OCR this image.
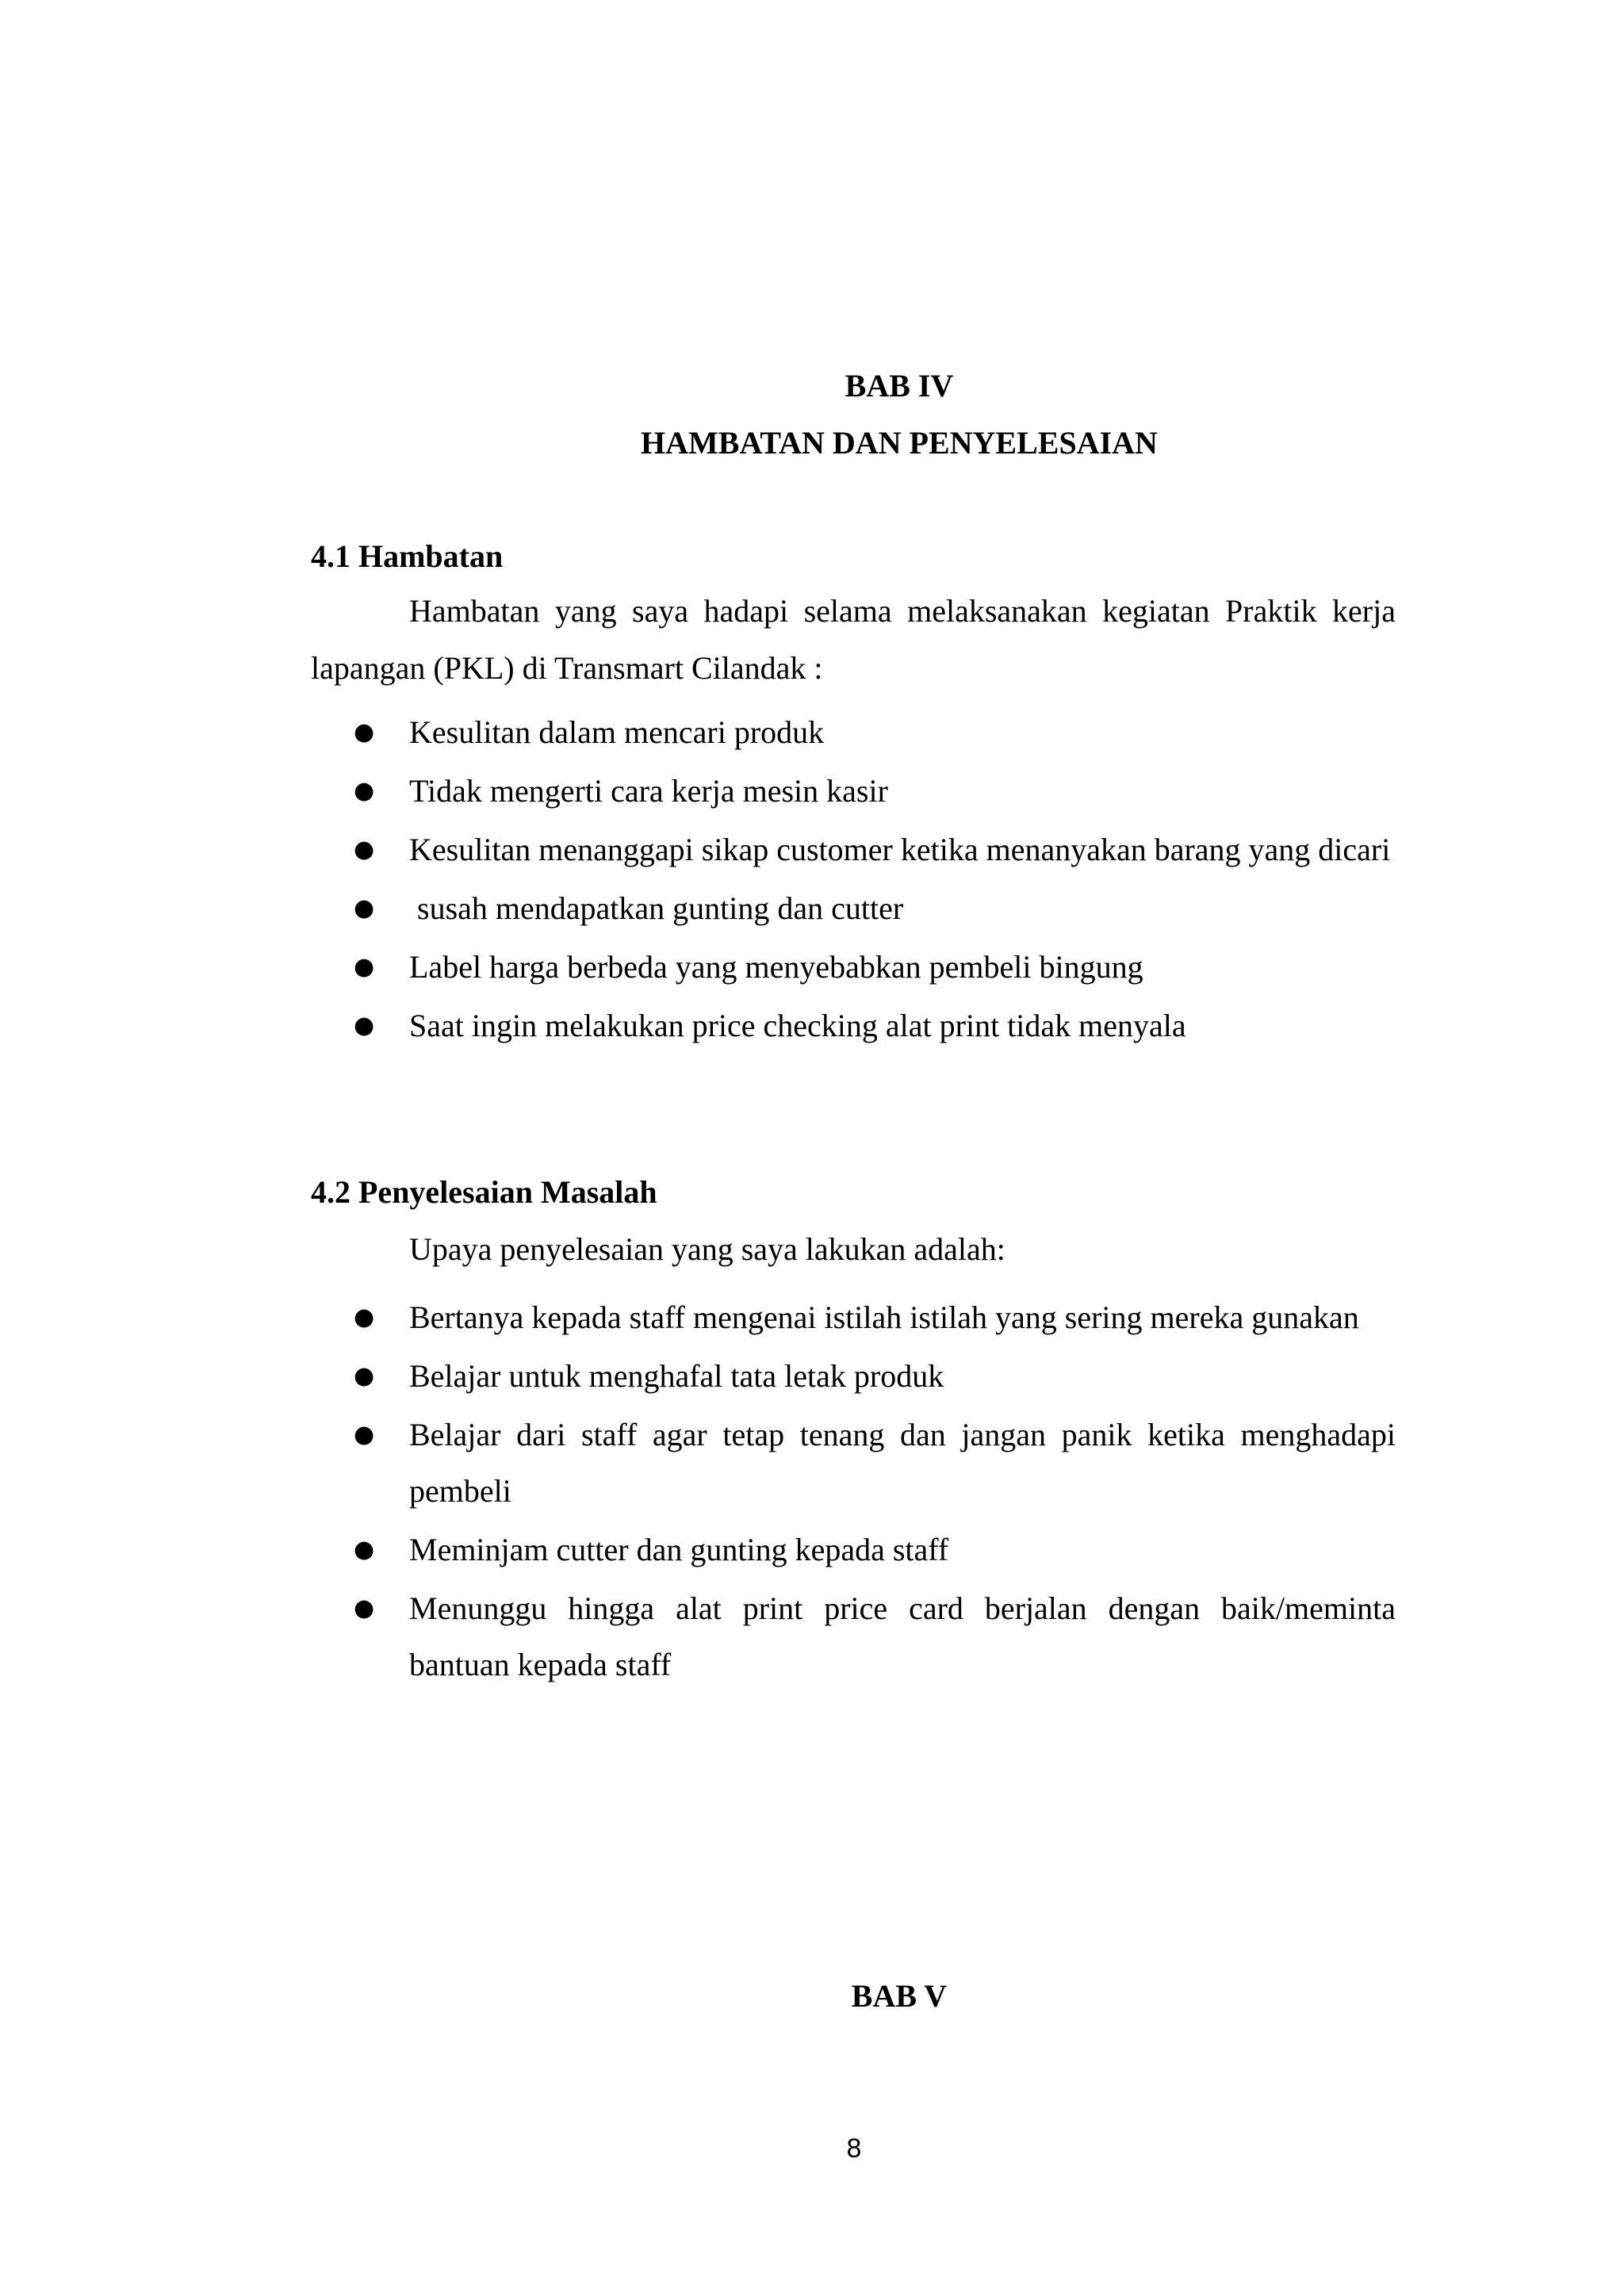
BAB IV
HAMBATAN DAN PENYELESAIAN
4.1 Hambatan
Hambatan yang saya hadapi selama melaksanakan kegiatan Praktik kerja lapangan (PKL) di Transmart Cilandak :
● Kesulitan dalam mencari produk
● Tidak mengerti cara kerja mesin kasir
● Kesulitan menanggapi sikap customer ketika menanyakan barang yang dicari
● susah mendapatkan gunting dan cutter
● Label harga berbeda yang menyebabkan pembeli bingung
● Saat ingin melakukan price checking alat print tidak menyala
4.2 Penyelesaian Masalah
Upaya penyelesaian yang saya lakukan adalah:
● Bertanya kepada staff mengenai istilah istilah yang sering mereka gunakan
● Belajar untuk menghafal tata letak produk
● Belajar dari staff agar tetap tenang dan jangan panik ketika menghadapi pembeli
● Meminjam cutter dan gunting kepada staff
● Menunggu hingga alat print price card berjalan dengan baik/meminta bantuan kepada staff
BAB V
8
